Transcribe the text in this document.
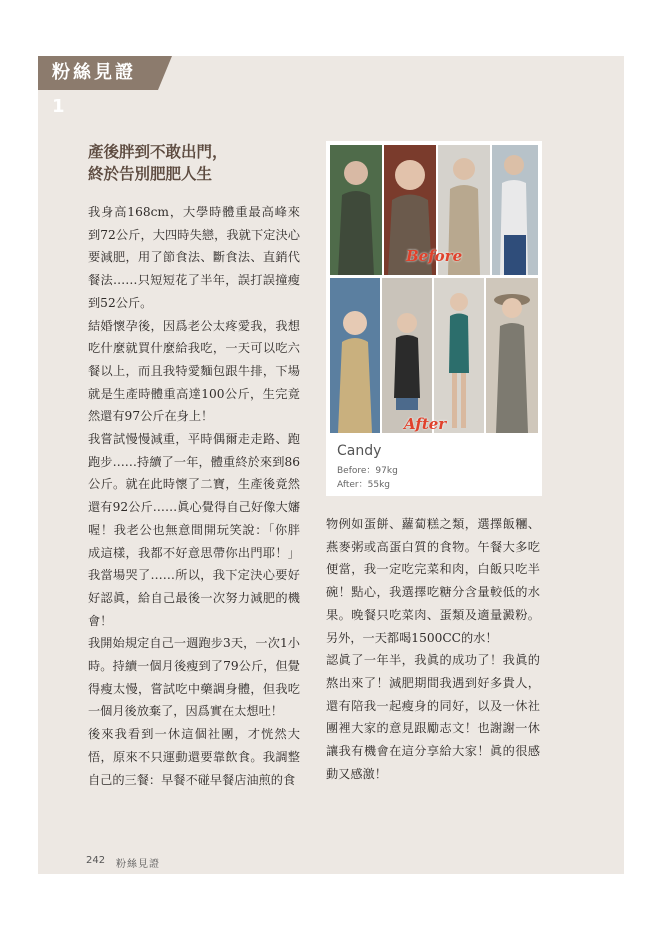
粉絲見證 1
產後胖到不敢出門，
終於告別肥肥人生

我身高168cm，大學時體重最高峰來到72公斤，大四時失戀，我就下定決心要減肥，用了節食法、斷食法、直銷代餐法……只短短花了半年，誤打誤撞瘦到52公斤。

結婚懷孕後，因爲老公太疼愛我，我想吃什麼就買什麼給我吃，一天可以吃六餐以上，而且我特愛麵包跟牛排，下場就是生產時體重高達100公斤，生完竟然還有97公斤在身上！

我嘗試慢慢減重，平時偶爾走走路、跑跑步……持續了一年，體重終於來到86公斤。就在此時懷了二寶，生產後竟然還有92公斤……眞心覺得自己好像大嬸喔！我老公也無意間開玩笑說：「你胖成這樣，我都不好意思帶你出門耶！」我當場哭了……所以，我下定決心要好好認眞，給自己最後一次努力減肥的機會！

我開始規定自己一週跑步3天，一次1小時。持續一個月後瘦到了79公斤，但覺得瘦太慢，嘗試吃中藥調身體，但我吃一個月後放棄了，因爲實在太想吐！

後來我看到一休這個社團，才恍然大悟，原來不只運動還要靠飲食。我調整自己的三餐：早餐不碰早餐店油煎的食

Before
After
Candy
Before：97kg
After：55kg

物例如蛋餅、蘿蔔糕之類，選擇飯糰、燕麥粥或高蛋白質的食物。午餐大多吃便當，我一定吃完菜和肉，白飯只吃半碗！點心，我選擇吃糖分含量較低的水果。晚餐只吃菜肉、蛋類及適量澱粉。另外，一天都喝1500CC的水！

認眞了一年半，我眞的成功了！我眞的熬出來了！減肥期間我遇到好多貴人，還有陪我一起瘦身的同好，以及一休社團裡大家的意見跟勵志文！也謝謝一休讓我有機會在這分享給大家！眞的很感動又感激！

242 粉絲見證
